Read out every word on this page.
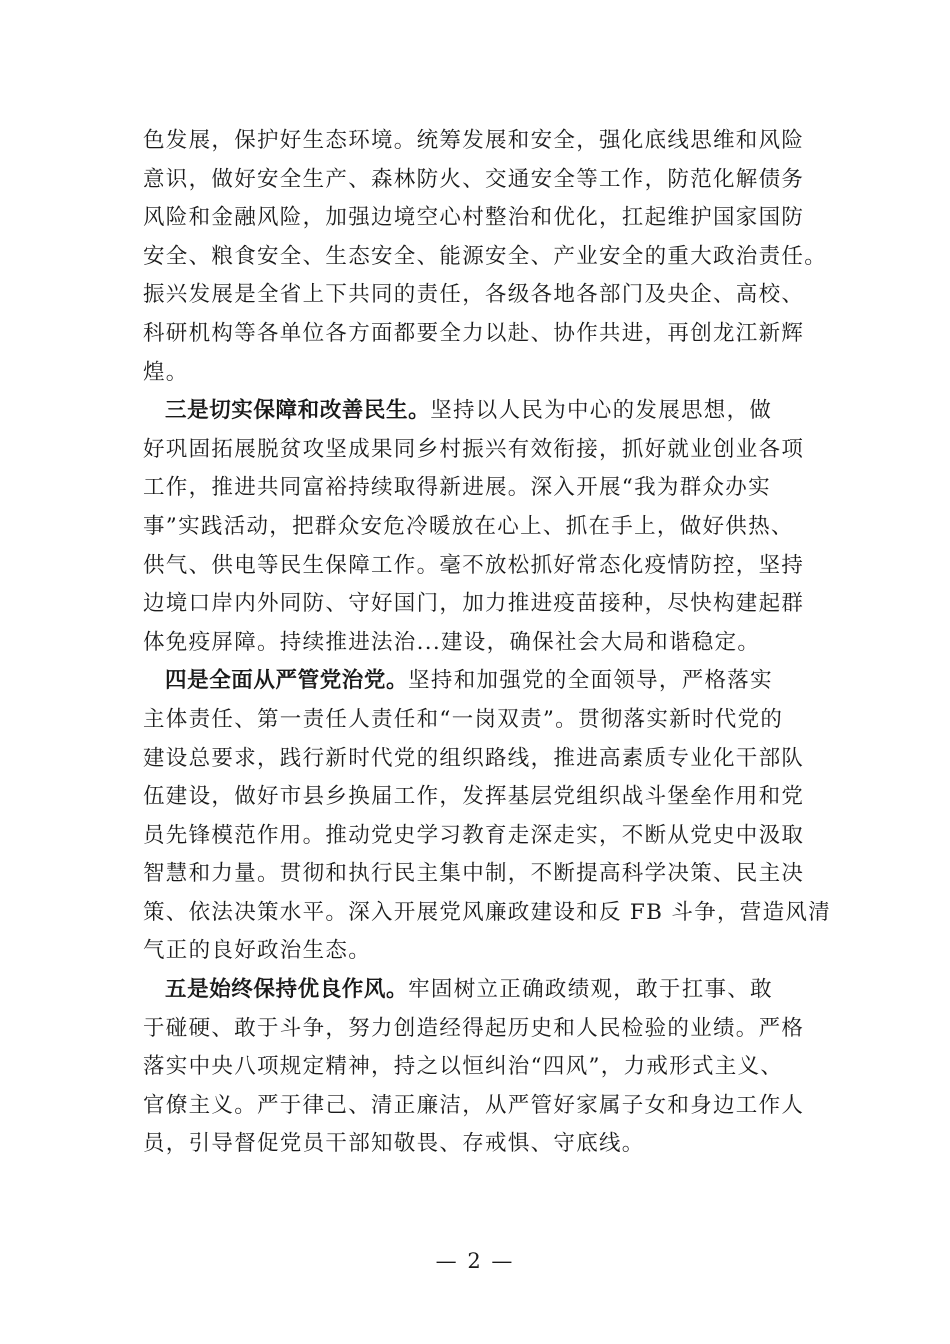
色发展，保护好生态环境。统筹发展和安全，强化底线思维和风险
意识，做好安全生产、森林防火、交通安全等工作，防范化解债务
风险和金融风险，加强边境空心村整治和优化，扛起维护国家国防
安全、粮食安全、生态安全、能源安全、产业安全的重大政治责任。
振兴发展是全省上下共同的责任，各级各地各部门及央企、高校、
科研机构等各单位各方面都要全力以赴、协作共进，再创龙江新辉
煌。
三是切实保障和改善民生。坚持以人民为中心的发展思想，做
好巩固拓展脱贫攻坚成果同乡村振兴有效衔接，抓好就业创业各项
工作，推进共同富裕持续取得新进展。深入开展“我为群众办实
事”实践活动，把群众安危冷暖放在心上、抓在手上，做好供热、
供气、供电等民生保障工作。毫不放松抓好常态化疫情防控，坚持
边境口岸内外同防、守好国门，加力推进疫苗接种，尽快构建起群
体免疫屏障。持续推进法治...建设，确保社会大局和谐稳定。
四是全面从严管党治党。坚持和加强党的全面领导，严格落实
主体责任、第一责任人责任和“一岗双责”。贯彻落实新时代党的
建设总要求，践行新时代党的组织路线，推进高素质专业化干部队
伍建设，做好市县乡换届工作，发挥基层党组织战斗堡垒作用和党
员先锋模范作用。推动党史学习教育走深走实，不断从党史中汲取
智慧和力量。贯彻和执行民主集中制，不断提高科学决策、民主决
策、依法决策水平。深入开展党风廉政建设和反 FB 斗争，营造风清
气正的良好政治生态。
五是始终保持优良作风。牢固树立正确政绩观，敢于扛事、敢
于碰硬、敢于斗争，努力创造经得起历史和人民检验的业绩。严格
落实中央八项规定精神，持之以恒纠治“四风”，力戒形式主义、
官僚主义。严于律己、清正廉洁，从严管好家属子女和身边工作人
员，引导督促党员干部知敬畏、存戒惧、守底线。
— 2 —
